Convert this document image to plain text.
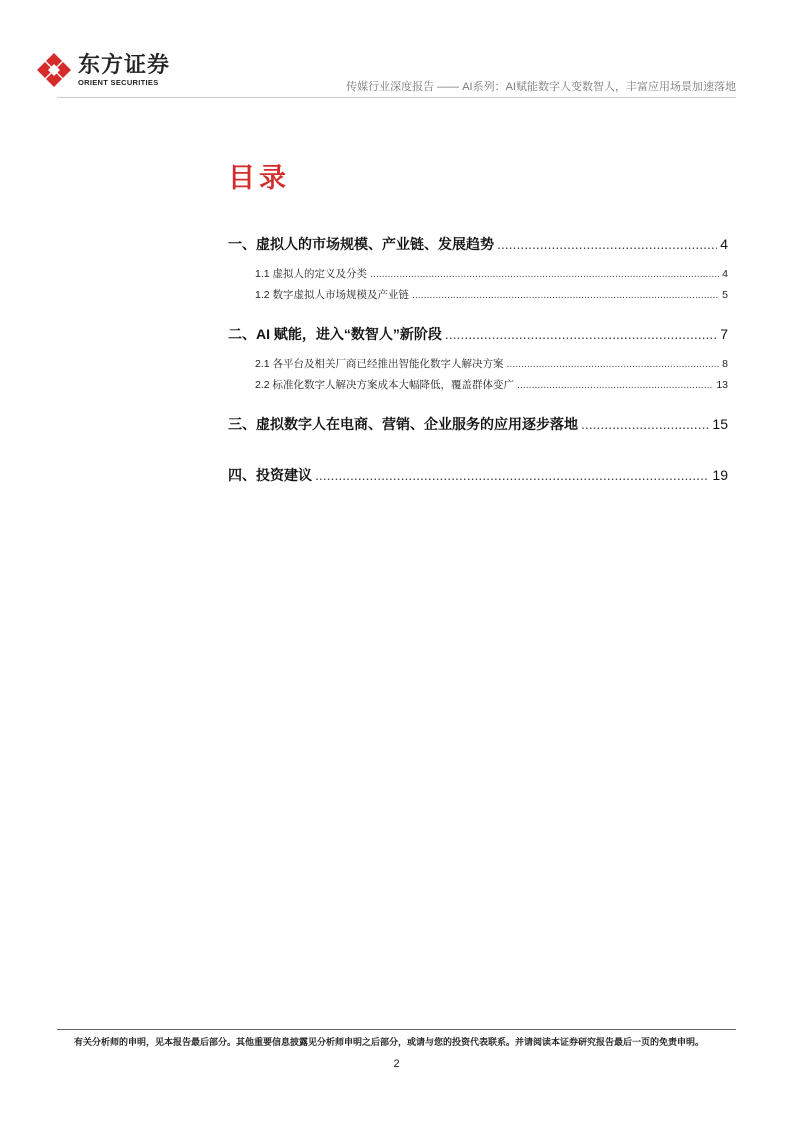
东方证券
ORIENT SECURITIES	传媒行业深度报告 —— AI系列：AI赋能数字人变数智人，丰富应用场景加速落地
目录
一、虚拟人的市场规模、产业链、发展趋势 .....	4
1.1 虚拟人的定义及分类 .....	4
1.2 数字虚拟人市场规模及产业链 .....	5
二、AI 赋能，进入“数智人”新阶段 .....	7
2.1 各平台及相关厂商已经推出智能化数字人解决方案 .....	8
2.2 标准化数字人解决方案成本大幅降低，覆盖群体变广 .....	13
三、虚拟数字人在电商、营销、企业服务的应用逐步落地 .....	15
四、投资建议 .....	19
有关分析师的申明，见本报告最后部分。其他重要信息披露见分析师申明之后部分，或请与您的投资代表联系。并请阅读本证券研究报告最后一页的免责申明。
2
